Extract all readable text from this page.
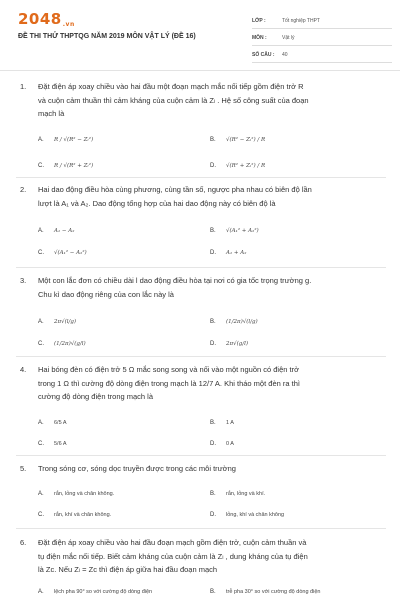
2048.vn
ĐỀ THI THỬ THPTQG NĂM 2019 MÔN VẬT LÝ (ĐỀ 16)
LỚP :	Tốt nghiệp THPT
MÔN :	Vật lý
SỐ CÂU :	40
1. Đặt điện áp xoay chiều vào hai đầu một đoạn mạch mắc nối tiếp gồm điện trở R
và cuộn cảm thuần thì cảm kháng của cuộn cảm là Zₗ . Hệ số công suất của đoạn
mạch là
A.	R / √(R² − Zₗ²)	B.	√(R² − Zₗ²) / R
C.	R / √(R² + Zₗ²)	D.	√(R² + Zₗ²) / R
2. Hai dao động điều hòa cùng phương, cùng tần số, ngược pha nhau có biên độ lần
lượt là A₁ và A₂. Dao động tổng hợp của hai dao động này có biên độ là
A.	A₁ − A₂	B.	√(A₁² + A₂²)
C.	√(A₁² − A₂²)	D.	A₁ + A₂
3. Một con lắc đơn có chiều dài l dao động điều hòa tại nơi có gia tốc trọng trường g.
Chu kì dao động riêng của con lắc này là
A.	2π√(l/g)	B.	(1/2π)√(l/g)
C.	(1/2π)√(g/l)	D.	2π√(g/l)
4. Hai bóng đèn có điện trở 5 Ω mắc song song và nối vào một nguồn có điện trở
trong 1 Ω thì cường độ dòng điện trong mạch là 12/7 A. Khi tháo một đèn ra thì
cường độ dòng điện trong mạch là
A.	6/5 A	B.	1 A
C.	5/6 A	D.	0 A
5. Trong sóng cơ, sóng dọc truyền được trong các môi trường
A.	rắn, lỏng và chân không.	B.	rắn, lỏng và khí.
C.	rắn, khí và chân không.	D.	lỏng, khí và chân không
6. Đặt điện áp xoay chiều vào hai đầu đoạn mạch gồm điện trở, cuộn cảm thuần và
tụ điện mắc nối tiếp. Biết cảm kháng của cuộn cảm là Zₗ , dung kháng của tụ điện
là Zᴄ. Nếu Zₗ = Zᴄ thì điện áp giữa hai đầu đoạn mạch
A.	lệch pha 90° so với cường độ dòng điện	B.	trễ pha 30° so với cường độ dòng điện
